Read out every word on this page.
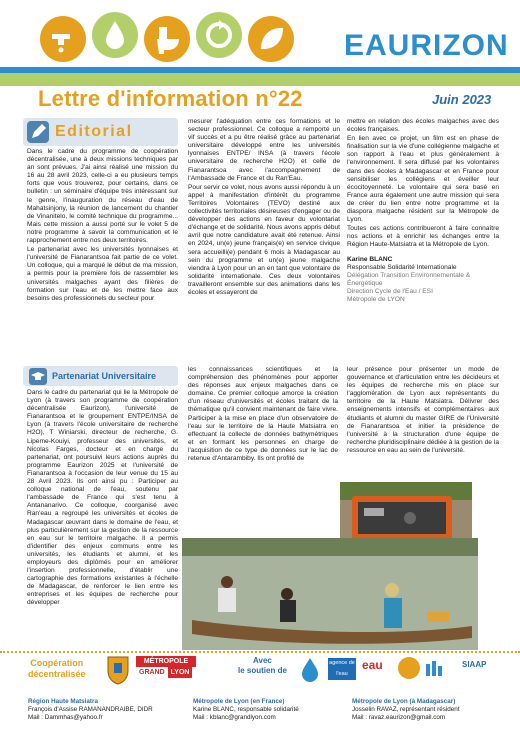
EAURIZON
Lettre d'information n°22	Juin 2023
Editorial

Dans le cadre du programme de coopération décentralisée, une à deux missions techniques par an sont prévues. J'ai ainsi réalisé une mission du 16 au 28 avril 2023, celle-ci a eu plusieurs temps forts que vous trouverez, pour certains, dans ce bulletin : un séminaire d'équipe très intéressant sur le genre, l'inauguration du réseau d'eau de Mahatsinjony, la réunion de lancement du chantier de Vinanitelo, le comité technique du programme... Mais cette mission a aussi porté sur le volet 5 de notre programme à savoir la communication et le rapprochement entre nos deux territoires.

Le partenariat avec les universités lyonnaises et l'université de Fianarantsoa fait partie de ce volet. Un colloque, qui a marqué le début de ma mission, a permis pour la première fois de rassembler les universités malgaches ayant des filières de formation sur l'eau et de les mettre face aux besoins des professionnels du secteur pour

mesurer l'adéquation entre ces formations et le secteur professionnel. Ce colloque a remporté un vif succès et a pu être réalisé grâce au partenariat universitaire développé entre les universités lyonnaises ENTPE/ INSA (à travers l'école universitaire de recherche H2O) et celle de Fianarantsoa avec l'accompagnement de l'Ambassade de France et du Ran'Eau.

Pour servir ce volet, nous avons aussi répondu à un appel à manifestation d'intérêt du programme Territoires Volontaires (TEVO) destiné aux collectivités territoriales désireuses d'engager ou de développer des actions en faveur du volontariat d'échange et de solidarité. Nous avons appris début avril que notre candidature avait été retenue. Ainsi en 2024, un(e) jeune français(e) en service civique sera accueilli(e) pendant 6 mois à Madagascar au sein du programme et un(e) jeune malgache viendra à Lyon pour un an en tant que volontaire de solidarité internationale. Ces deux volontaires travailleront ensemble sur des animations dans les écoles et essayeront de

mettre en relation des écoles malgaches avec des écoles françaises.

En lien avec ce projet, un film est en phase de finalisation sur la vie d'une collégienne malgache et son rapport à l'eau et plus généralement à l'environnement. Il sera diffusé par les volontaires dans des écoles à Madagascar et en France pour sensibiliser les collégiens et éveiller leur écocitoyenneté. Le volontaire qui sera basé en France aura également une autre mission qui sera de créer du lien entre notre programme et la diaspora malgache résident sur la Métropole de Lyon.

Toutes ces actions contribueront à faire connaître nos actions et à enrichir les échanges entre la Région Haute-Matsiatra et la Métropole de Lyon.

Karine BLANC
Responsable Solidarité Internationale
Délégation Transition Environnementale & Énergétique
Direction Cycle de l'Eau / ESI
Métropole de LYON
Partenariat Universitaire

Dans le cadre du partenariat qui lie la Métropole de Lyon (à travers son programme de coopération décentralisée Eaurizon), l'université de Fianarantsoa et le groupement ENTPE/INSA de Lyon (à travers l'école universitaire de recherche H2O), T Winiarski, directeur de recherche, G. Lipeme-Kouiyi, professeur des universités, et Nicolas Farges, docteur et en charge du partenariat, ont poursuivi leurs actions auprès du programme Eaurizon 2025 et l'université de Fianarantsoa à l'occasion de leur venue du 15 au 28 Avril 2023. Ils ont ainsi pu : Participer au colloque national de l'eau, soutenu par l'ambassade de France qui s'est tenu à Antananarivo. Ce colloque, coorganisé avec Ran'eau a regroupé les universités et écoles de Madagascar œuvrant dans le domaine de l'eau, et plus particulièrement sur la gestion de la ressource en eau sur le territoire malgache. Il a permis d'identifier des enjeux communs entre les universités, les étudiants et alumni, et les employeurs des diplômés pour en améliorer l'insertion professionnelle, d'établir une cartographie des formations existantes à l'échelle de Madagascar, de renforcer le lien entre les entreprises et les équipes de recherche pour développer

les connaissances scientifiques et la compréhension des phénomènes pour apporter des réponses aux enjeux malgaches dans ce domaine. Ce premier colloque amorce la création d'un réseau d'universités et écoles traitant de la thématique qu'il convient maintenant de faire vivre. Participer à la mise en place d'un observatoire de l'eau sur le territoire de la Haute Matsiatra en effectuant la collecte de données bathymétriques et en formant les personnes en charge de l'acquisition de ce type de données sur le lac de retenue d'Antarambiby. Ils ont profité de

leur présence pour présenter un mode de gouvernance et d'articulation entre les décideurs et les équipes de recherche mis en place sur l'agglomération de Lyon aux représentants du territoire de la Haute Matsiatra. Délivrer des enseignements intensifs et complémentaires aux étudiants et alumni du master GIRE de l'Université de Fianarantsoa et initier la présidence de l'université à la structuration d'une équipe de recherche pluridisciplinaire dédiée à la gestion de la ressource en eau au sein de l'université.

Coopération
décentralisée
MÉTROPOLE
GRAND LYON
Avec
le soutien de
agence de l'eau
eau	SIAAP
Région Haute Matsiatra
François d'Assise RAMANANDRAIBE, DIDR
Mail : Dammhas@yahoo.fr
Métropole de Lyon (en France)
Karine BLANC, responsable solidarité
Mail : kblanc@grandlyon.com
Métropole de Lyon (à Madagascar)
Josselin RAVAZ, représentant résident
Mail : ravaz.eaurizon@gmail.com
